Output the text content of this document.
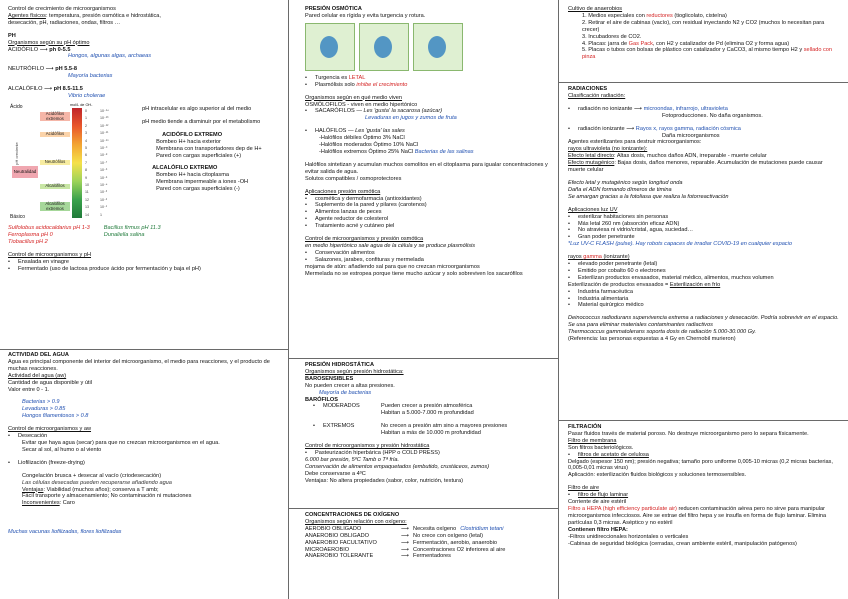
Control de crecimiento de microorganismos

Agentes físicos: temperatura, presión osmótica e hidrostática,

desecación, pH, radiaciones, ondas, filtros …

PH

Organismos según su pH óptimo

ACIDÓFILO ⟶ ph 0-5.5

Hongos, algunas algas, archaeas

NEUTRÓFILO ⟶ pH 5.5-8

Mayoría bacterias

ALCALÓFILO ⟶ pH 8.5-11.5

Vibrio cholerae

Ácido
Básico
Neutralidad
mol/L de OH-
Acidófilos extremos
Acidófilos
Neutrófilos
Alcalófilos
Alcalófilos extremos
0
1
2
3
4
5
6
7
8
9
10
11
12
13
14
10⁻¹⁴
10⁻¹³
10⁻¹²
10⁻¹¹
10⁻¹⁰
10⁻⁹
10⁻⁸
10⁻⁷
10⁻⁶
10⁻⁵
10⁻⁴
10⁻³
10⁻²
10⁻¹
1
pH creciente

pH intracelular es algo superior al del medio

pH medio tiende a disminuir por el metabolismo

ACIDÓFILO EXTREMO

Bombeo H+ hacia exterior

Membrana con transportadores dep de H+

Pared con cargas superficiales (+)

ALCALÓFILO EXTREMO

Bombeo H+ hacia citoplasma

Membrana impermeable a iones -OH

Pared con cargas superficiales (-)

Sulfolobus acidocaldarius pH 1-3

Ferroplasma pH 0

Tiobacillus pH 2

Bacillus firmus pH 11.3

Dunaliella salina

Control de microorganismos y pH

• Ensalada en vinagre

• Fermentado (uso de lactosa produce ácido por fermentación y baja el pH)

ACTIVIDAD DEL AGUA

Agua es principal componente del interior del microorganismo, el medio para reacciones, y el producto de muchas reacciones.

Actividad del agua (aw)

Cantidad de agua disponible y útil

Valor entre 0 - 1.

Bacterias > 0.9

Levaduras > 0.85

Hongos filamentosos > 0.8

Control de microorganismos y aw

• Desecación

Evitar que haya agua (secar) para que no crezcan microorganismos en el agua.

Secar al sol, al humo o al viento

• Liofilización (freeze-drying)

Congelación brusca + desecar al vacío (criodesecación)

Las células desecadas pueden recuperarse añadiendo agua

Ventajas: Viabilidad (muchos años); conserva a T amb;

Fácil transporte y almacenamiento; No contaminación ni mutaciones

Inconvenientes: Caro

Muchas vacunas liofilizadas, flores liofilizadas

PRESIÓN OSMÓTICA

Pared celular es rígida y evita turgencia y rotura.

• Turgencia es LETAL

• Plasmólisis solo inhibe el crecimiento

Organismos según en qué medio viven

OSMÓLOFILOS - viven en medio hipertónico

• SACARÓFILOS — Les 'gusta' la sacarosa (azúcar)

Levaduras en jugos y zumos de fruta

• HALÓFILOS — Les 'gusta' las sales

-Halófilos débiles Óptimo 3% NaCl

-Halófilos moderados Óptimo 10% NaCl

-Halófilos extremos Óptimo 25% NaCl Bacterias de las salinas

Halófilos sintetizan y acumulan muchos osmolitos en el citoplasma para igualar concentraciones y evitar salida de agua.

Solutos compatibles / osmoprotectores

Aplicaciones presión osmótica

• cosmética y dermofarmacia (antioxidantes)

• Suplemento de la pared y pilares (carotenos)

• Alimentos lanzas de peces

• Agente reductor de colesterol

• Tratamiento acné y cutáneo piel

Control de microorganismos y presión osmótica

en medio hipertónico sale agua de la célula y se produce plasmólisis

• Conservación alimentos

• Salazones, jarabes, confituras y mermelada

mojama de atún: añadiendo sal para que no crezcan microorganismos

Mermelada no se estropea porque tiene mucho azúcar y solo sobreviven los sacarófilos

PRESIÓN HIDROSTÁTICA

Organismos según presión hidrostática:

BAROSENSIBLES

No pueden crecer a altas presiones.

Mayoría de bacterias

BARÓFILOS

• MODERADOS	Pueden crecer a presión atmosférica

Habitan a 5.000-7.000 m profundidad

• EXTREMOS	No crecen a presión atm sino a mayores presiones

Habitan a más de 10.000 m profundidad

Control de microorganismos y presión hidrostática

• Pasteurización hiperbárica (HPP o COLD PRESS)

6.000 bar presión, 5ºC Tamb o Tª fría.

Conservación de alimentos empaquetados (embutido, crustáceos, zumos)

Debe conservarse a 4ºC

Ventajas: No altera propiedades (sabor, color, nutrición, textura)

CONCENTRACIONES DE OXÍGENO

Organismos según relación con oxígeno:

AEROBIO OBLIGADO	⟶ Necesita oxígeno Clostridium tetani
ANAEROBIO OBLIGADO	⟶ No crece con oxígeno (letal)
ANAEROBIO FACULTATIVO	⟶ Fermentación, aerobio, anaerobio
MICROAEROBIO	⟶ Concentraciones O2 inferiores al aire
ANAEROBIO TOLERANTE	⟶ Fermentadores

Cultivo de anaerobios

1. Medios especiales con reductores (tioglicolato, cisteína)

2. Retirar el aire de cabinas (vacío), con residual inyectando N2 y CO2 (muchos lo necesitan para crecer)

3. Incubadores de CO2.

4. Placas: jarra de Gas Pack, con H2 y catalizador de Pd (elimina O2 y forma agua)

5. Placas o tubos con bolsas de plástico con catalizador y CaCO3, al mismo tiempo H2 y sellado con pinza

RADIACIONES

Clasificación radiación:

• radiación no ionizante ⟶ microondas, infrarrojo, ultravioleta

Fotoproducciones. No daña organismos.

• radiación ionizante ⟶ Rayos x, rayos gamma, radiación cósmica

Daña microorganismos

Agentes esterilizantes para destruir microorganismos:

rayos ultravioleta (no ionizante):

Efecto letal directo: Altas dosis, muchos daños ADN, irreparable - muerte celular

Efecto mutagénico: Bajas dosis, daños menores, reparable. Acumulación de mutaciones puede causar muerte celular

Efecto letal y mutagénico según longitud onda

Daña el ADN formando dímeros de timina

Se amargan gracias a la fotoliasa que realiza la fotorreactivación

Aplicaciones luz UV

• esterilizar habitaciones sin personas

• Más letal 260 nm (absorción eficaz ADN)

• No atraviesa ni vidrio/cristal, agua, suciedad…

• Gran poder penetrante

*Luz UV-C FLASH (pulse). Hay robots capaces de irradiar COVID-19 en cualquier espacio

rayos gamma (ionizante)

• elevado poder penetrante (letal)

• Emitido por cobalto 60 o electrones

• Esterilizan productos envasados, material médico, alimentos, muchos volumen

Esterilización de productos envasados = Esterilización en frío

• Industria farmacéutica

• Industria alimentaria

• Material quirúrgico médico

Deinococcus radiodurans supervivencia extrema a radiaciones y desecación. Podría sobrevivir en el espacio. Se usa para eliminar materiales contaminantes radiactivos

Thermococcus gammatolerans soporta dosis de radiación 5.000-30.000 Gy.

(Referencia: las personas expuestas a 4 Gy en Chernobil murieron)

FILTRACIÓN

Pasar fluidos través de material poroso. No destruye microorganismo pero lo separa físicamente.

Filtro de membrana

Son filtros bacteriológicos.

• filtros de acetato de celulosa

Delgado (espesor 150 nm); presión negativa; tamaño poro uniforme 0,005-10 micras (0,2 micras bacterias, 0,005-0,01 micras virus)

Aplicación: esterilización fluidos biológicos y soluciones termosensibles.

Filtro de aire

• filtro de flujo laminar

Corriente de aire estéril

Filtro a HEPA (high efficiency particulate air) reducen contaminación aérea pero no sirve para manipular microorganismos infecciosos. Aire se extrae del filtro hepa y se insufla en forma de flujo laminar. Elimina partículas 0,3 micras. Aséptico y no estéril

Contienen filtro HEPA:

-Filtros unidireccionales horizontales o verticales

-Cabinas de seguridad biológica (cerradas, crean ambiente estéril, manipulación patógenos)
